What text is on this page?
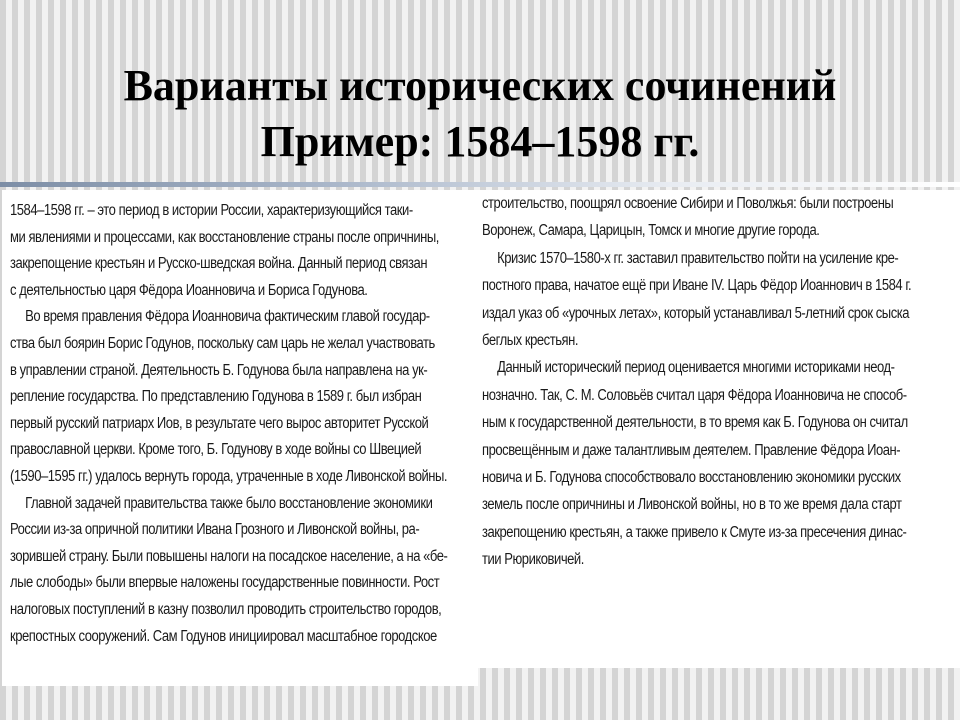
Варианты исторических сочинений
Пример: 1584–1598 гг.
1584–1598 гг. – это период в истории России, характеризующийся таки-
ми явлениями и процессами, как восстановление страны после опричнины,
закрепощение крестьян и Русско-шведская война. Данный период связан
с деятельностью царя Фёдора Иоанновича и Бориса Годунова.
Во время правления Фёдора Иоанновича фактическим главой государ-
ства был боярин Борис Годунов, поскольку сам царь не желал участвовать
в управлении страной. Деятельность Б. Годунова была направлена на ук-
репление государства. По представлению Годунова в 1589 г. был избран
первый русский патриарх Иов, в результате чего вырос авторитет Русской
православной церкви. Кроме того, Б. Годунову в ходе войны со Швецией
(1590–1595 гг.) удалось вернуть города, утраченные в ходе Ливонской войны.
Главной задачей правительства также было восстановление экономики
России из-за опричной политики Ивана Грозного и Ливонской войны, ра-
зорившей страну. Были повышены налоги на посадское население, а на «бе-
лые слободы» были впервые наложены государственные повинности. Рост
налоговых поступлений в казну позволил проводить строительство городов,
крепостных сооружений. Сам Годунов инициировал масштабное городское
строительство, поощрял освоение Сибири и Поволжья: были построены
Воронеж, Самара, Царицын, Томск и многие другие города.
Кризис 1570–1580-х гг. заставил правительство пойти на усиление кре-
постного права, начатое ещё при Иване IV. Царь Фёдор Иоаннович в 1584 г.
издал указ об «урочных летах», который устанавливал 5-летний срок сыска
беглых крестьян.
Данный исторический период оценивается многими историками неод-
нозначно. Так, С. М. Соловьёв считал царя Фёдора Иоанновича не способ-
ным к государственной деятельности, в то время как Б. Годунова он считал
просвещённым и даже талантливым деятелем. Правление Фёдора Иоан-
новича и Б. Годунова способствовало восстановлению экономики русских
земель после опричнины и Ливонской войны, но в то же время дала старт
закрепощению крестьян, а также привело к Смуте из-за пресечения динас-
тии Рюриковичей.
